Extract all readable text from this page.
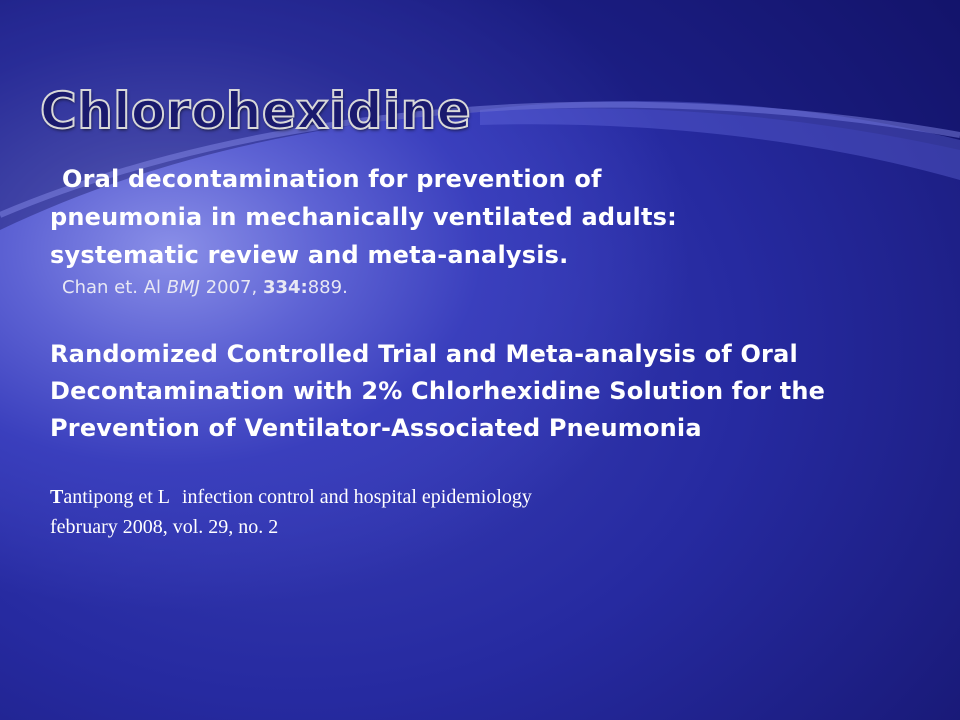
Chlorohexidine
Oral decontamination for prevention of
pneumonia in mechanically ventilated adults:
systematic review and meta-analysis.
Chan et. Al BMJ 2007, 334:889.
Randomized Controlled Trial and Meta-analysis of Oral
Decontamination with 2% Chlorhexidine Solution for the
Prevention of Ventilator-Associated Pneumonia
Tantipong et L infection control and hospital epidemiology
february 2008, vol. 29, no. 2
